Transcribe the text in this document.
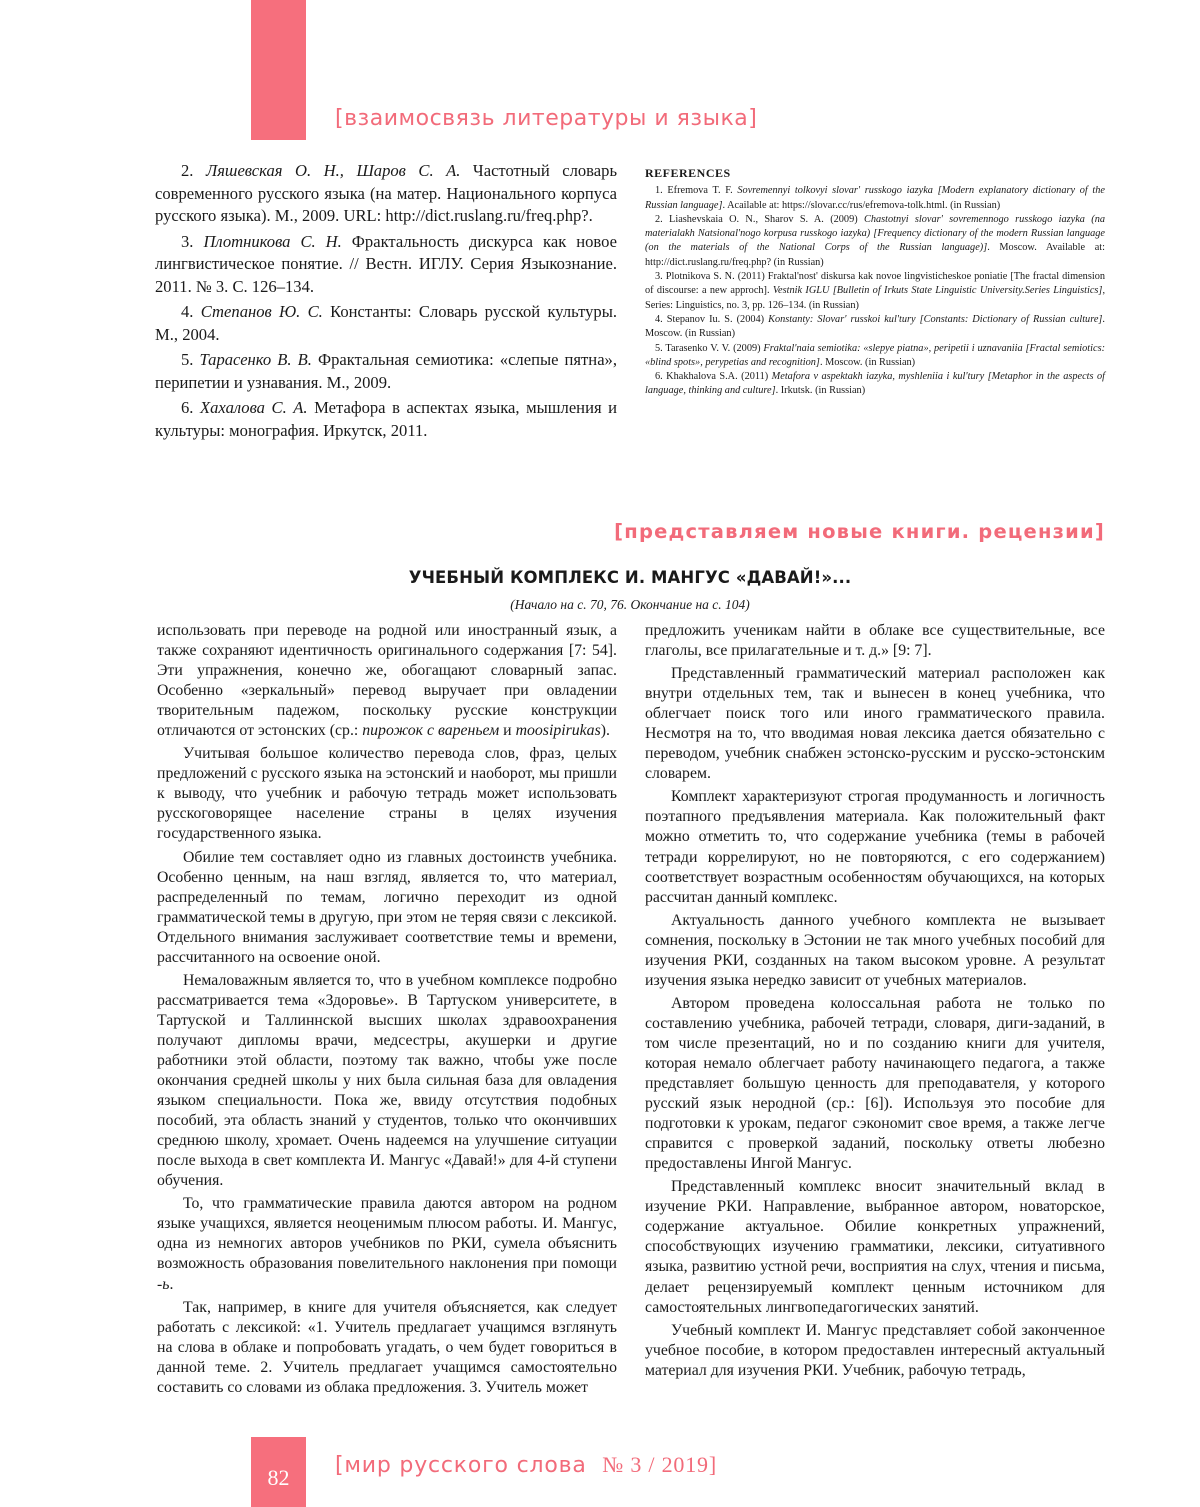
[взаимосвязь литературы и языка]

2. Ляшевская О. Н., Шаров С. А. Частотный словарь современного русского языка (на матер. Национального корпуса русского языка). М., 2009. URL: http://dict.ruslang.ru/freq.php?.

3. Плотникова С. Н. Фрактальность дискурса как новое лингвистическое понятие. // Вестн. ИГЛУ. Серия Языкознание. 2011. № 3. С. 126–134.

4. Степанов Ю. С. Константы: Словарь русской культуры. М., 2004.

5. Тарасенко В. В. Фрактальная семиотика: «слепые пятна», перипетии и узнавания. М., 2009.

6. Хахалова С. А. Метафора в аспектах языка, мышления и культуры: монография. Иркутск, 2011.

REFERENCES

1. Efremova T. F. Sovremennyi tolkovyi slovar' russkogo iazyka [Modern explanatory dictionary of the Russian language]. Acailable at: https://slovar.cc/rus/efremova-tolk.html. (in Russian)

2. Liashevskaia O. N., Sharov S. A. (2009) Chastotnyi slovar' sovremennogo russkogo iazyka (na materialakh Natsional'nogo korpusa russkogo iazyka) [Frequency dictionary of the modern Russian language (on the materials of the National Corps of the Russian language)]. Moscow. Available at: http://dict.ruslang.ru/freq.php? (in Russian)

3. Plotnikova S. N. (2011) Fraktal'nost' diskursa kak novoe lingvisticheskoe poniatie [The fractal dimension of discourse: a new approch]. Vestnik IGLU [Bulletin of Irkuts State Linguistic University.Series Linguistics], Series: Linguistics, no. 3, pp. 126–134. (in Russian)

4. Stepanov Iu. S. (2004) Konstanty: Slovar' russkoi kul'tury [Constants: Dictionary of Russian culture]. Moscow. (in Russian)

5. Tarasenko V. V. (2009) Fraktal'naia semiotika: «slepye piatna», peripetii i uznavaniia [Fractal semiotics: «blind spots», perypetias and recognition]. Moscow. (in Russian)

6. Khakhalova S.A. (2011) Metafora v aspektakh iazyka, myshleniia i kul'tury [Metaphor in the aspects of language, thinking and culture]. Irkutsk. (in Russian)

[представляем новые книги. рецензии]
УЧЕБНЫЙ КОМПЛЕКС И. МАНГУС «ДАВАЙ!»...
(Начало на с. 70, 76. Окончание на с. 104)

использовать при переводе на родной или иностранный язык, а также сохраняют идентичность оригинального содержания [7: 54]. Эти упражнения, конечно же, обогащают словарный запас. Особенно «зеркальный» перевод выручает при овладении творительным падежом, поскольку русские конструкции отличаются от эстонских (ср.: пирожок с вареньем и moosipirukas).

Учитывая большое количество перевода слов, фраз, целых предложений с русского языка на эстонский и наоборот, мы пришли к выводу, что учебник и рабочую тетрадь может использовать русскоговорящее население страны в целях изучения государственного языка.

Обилие тем составляет одно из главных достоинств учебника. Особенно ценным, на наш взгляд, является то, что материал, распределенный по темам, логично переходит из одной грамматической темы в другую, при этом не теряя связи с лексикой. Отдельного внимания заслуживает соответствие темы и времени, рассчитанного на освоение оной.

Немаловажным является то, что в учебном комплексе подробно рассматривается тема «Здоровье». В Тартуском университете, в Тартуской и Таллиннской высших школах здравоохранения получают дипломы врачи, медсестры, акушерки и другие работники этой области, поэтому так важно, чтобы уже после окончания средней школы у них была сильная база для овладения языком специальности. Пока же, ввиду отсутствия подобных пособий, эта область знаний у студентов, только что окончивших среднюю школу, хромает. Очень надеемся на улучшение ситуации после выхода в свет комплекта И. Мангус «Давай!» для 4-й ступени обучения.

То, что грамматические правила даются автором на родном языке учащихся, является неоценимым плюсом работы. И. Мангус, одна из немногих авторов учебников по РКИ, сумела объяснить возможность образования повелительного наклонения при помощи -ь.

Так, например, в книге для учителя объясняется, как следует работать с лексикой: «1. Учитель предлагает учащимся взглянуть на слова в облаке и попробовать угадать, о чем будет говориться в данной теме. 2. Учитель предлагает учащимся самостоятельно составить со словами из облака предложения. 3. Учитель может

предложить ученикам найти в облаке все существительные, все глаголы, все прилагательные и т. д.» [9: 7].

Представленный грамматический материал расположен как внутри отдельных тем, так и вынесен в конец учебника, что облегчает поиск того или иного грамматического правила. Несмотря на то, что вводимая новая лексика дается обязательно с переводом, учебник снабжен эстонско-русским и русско-эстонским словарем.

Комплект характеризуют строгая продуманность и логичность поэтапного предъявления материала. Как положительный факт можно отметить то, что содержание учебника (темы в рабочей тетради коррелируют, но не повторяются, с его содержанием) соответствует возрастным особенностям обучающихся, на которых рассчитан данный комплекс.

Актуальность данного учебного комплекта не вызывает сомнения, поскольку в Эстонии не так много учебных пособий для изучения РКИ, созданных на таком высоком уровне. А результат изучения языка нередко зависит от учебных материалов.

Автором проведена колоссальная работа не только по составлению учебника, рабочей тетради, словаря, диги-заданий, в том числе презентаций, но и по созданию книги для учителя, которая немало облегчает работу начинающего педагога, а также представляет большую ценность для преподавателя, у которого русский язык неродной (ср.: [6]). Используя это пособие для подготовки к урокам, педагог сэкономит свое время, а также легче справится с проверкой заданий, поскольку ответы любезно предоставлены Ингой Мангус.

Представленный комплекс вносит значительный вклад в изучение РКИ. Направление, выбранное автором, новаторское, содержание актуальное. Обилие конкретных упражнений, способствующих изучению грамматики, лексики, ситуативного языка, развитию устной речи, восприятия на слух, чтения и письма, делает рецензируемый комплект ценным источником для самостоятельных лингвопедагогических занятий.

Учебный комплект И. Мангус представляет собой законченное учебное пособие, в котором предоставлен интересный актуальный материал для изучения РКИ. Учебник, рабочую тетрадь,

82	[мир русского слова № 3 / 2019]
